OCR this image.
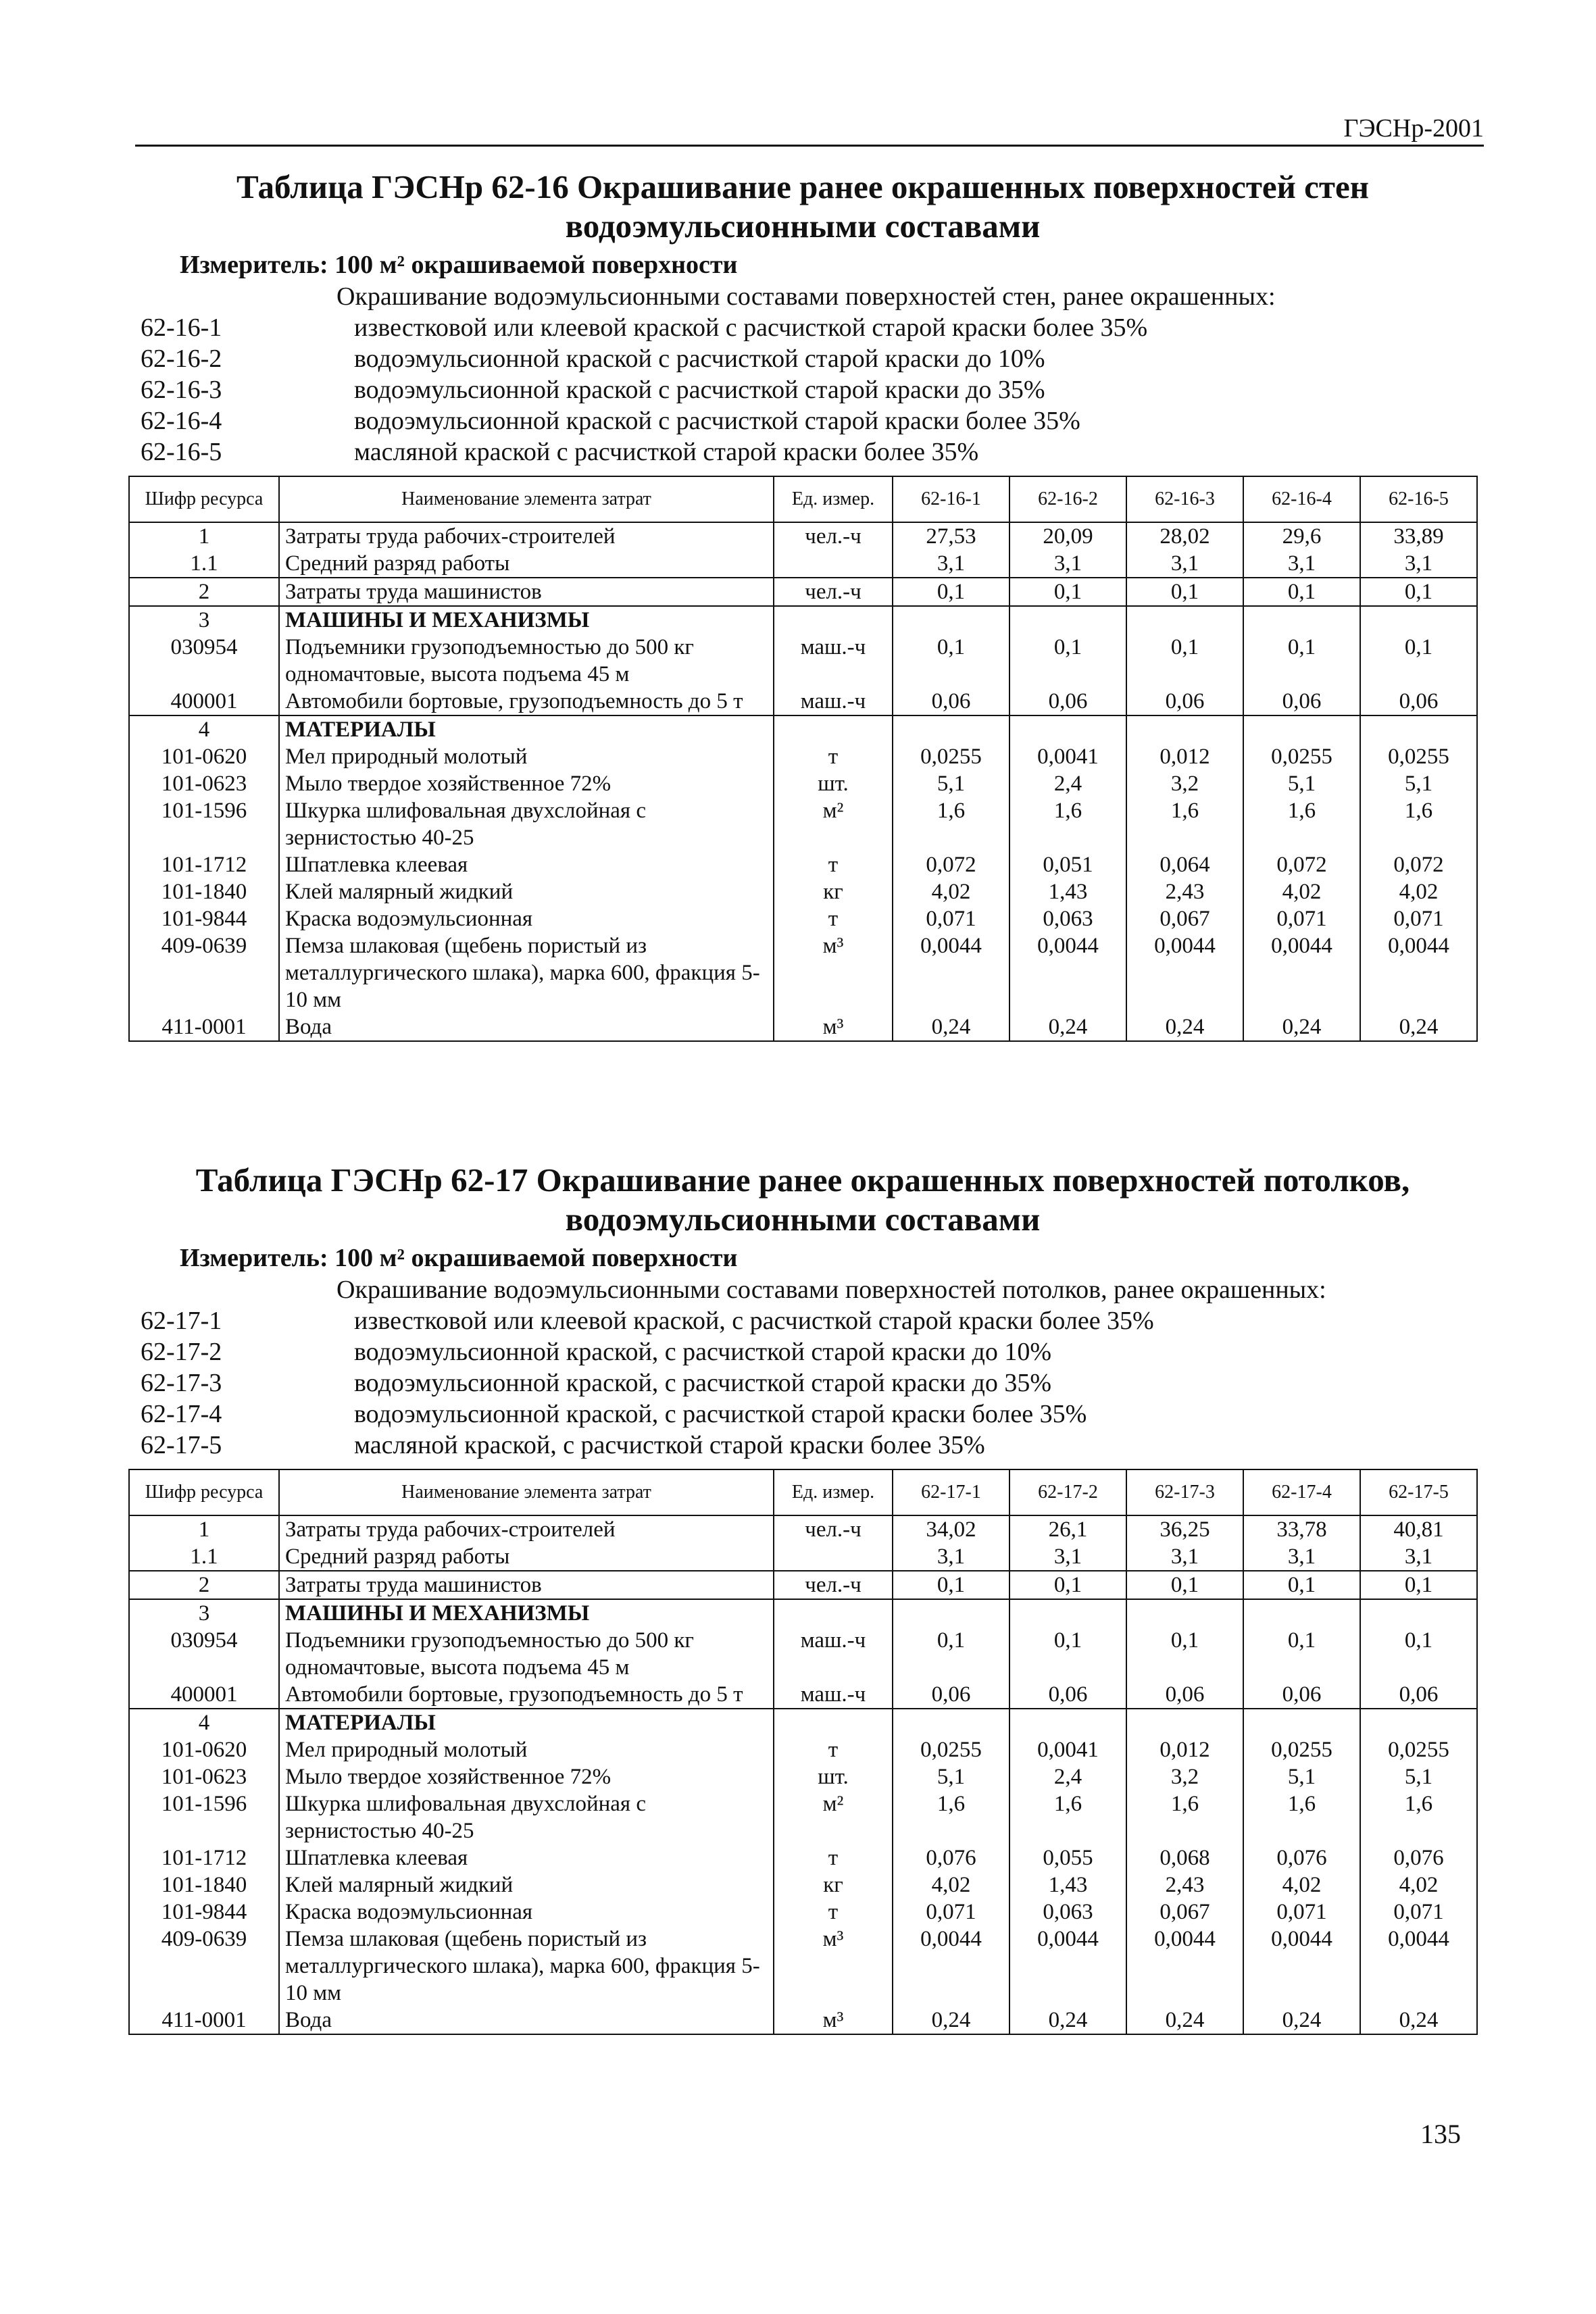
ГЭСНр-2001
Таблица ГЭСНр 62-16 Окрашивание ранее окрашенных поверхностей стен
водоэмульсионными составами
Измеритель: 100 м² окрашиваемой поверхности
Окрашивание водоэмульсионными составами поверхностей стен, ранее окрашенных:
62-16-1	известковой или клеевой краской с расчисткой старой краски более 35%
62-16-2	водоэмульсионной краской с расчисткой старой краски до 10%
62-16-3	водоэмульсионной краской с расчисткой старой краски до 35%
62-16-4	водоэмульсионной краской с расчисткой старой краски более 35%
62-16-5	масляной краской с расчисткой старой краски более 35%
Шифр ресурса	Наименование элемента затрат	Ед. измер.	62-16-1	62-16-2	62-16-3	62-16-4	62-16-5
1	Затраты труда рабочих-строителей	чел.-ч	27,53	20,09	28,02	29,6	33,89
1.1	Средний разряд работы		3,1	3,1	3,1	3,1	3,1
2	Затраты труда машинистов	чел.-ч	0,1	0,1	0,1	0,1	0,1
3	МАШИНЫ И МЕХАНИЗМЫ						
030954	Подъемники грузоподъемностью до 500 кг одномачтовые, высота подъема 45 м	маш.-ч	0,1	0,1	0,1	0,1	0,1
400001	Автомобили бортовые, грузоподъемность до 5 т	маш.-ч	0,06	0,06	0,06	0,06	0,06
4	МАТЕРИАЛЫ						
101-0620	Мел природный молотый	т	0,0255	0,0041	0,012	0,0255	0,0255
101-0623	Мыло твердое хозяйственное 72%	шт.	5,1	2,4	3,2	5,1	5,1
101-1596	Шкурка шлифовальная двухслойная с зернистостью 40-25	м²	1,6	1,6	1,6	1,6	1,6
101-1712	Шпатлевка клеевая	т	0,072	0,051	0,064	0,072	0,072
101-1840	Клей малярный жидкий	кг	4,02	1,43	2,43	4,02	4,02
101-9844	Краска водоэмульсионная	т	0,071	0,063	0,067	0,071	0,071
409-0639	Пемза шлаковая (щебень пористый из металлургического шлака), марка 600, фракция 5-10 мм	м³	0,0044	0,0044	0,0044	0,0044	0,0044
411-0001	Вода	м³	0,24	0,24	0,24	0,24	0,24
Таблица ГЭСНр 62-17 Окрашивание ранее окрашенных поверхностей потолков,
водоэмульсионными составами
Измеритель: 100 м² окрашиваемой поверхности
Окрашивание водоэмульсионными составами поверхностей потолков, ранее окрашенных:
62-17-1	известковой или клеевой краской, с расчисткой старой краски более 35%
62-17-2	водоэмульсионной краской, с расчисткой старой краски до 10%
62-17-3	водоэмульсионной краской, с расчисткой старой краски до 35%
62-17-4	водоэмульсионной краской, с расчисткой старой краски более 35%
62-17-5	масляной краской, с расчисткой старой краски более 35%
Шифр ресурса	Наименование элемента затрат	Ед. измер.	62-17-1	62-17-2	62-17-3	62-17-4	62-17-5
1	Затраты труда рабочих-строителей	чел.-ч	34,02	26,1	36,25	33,78	40,81
1.1	Средний разряд работы		3,1	3,1	3,1	3,1	3,1
2	Затраты труда машинистов	чел.-ч	0,1	0,1	0,1	0,1	0,1
3	МАШИНЫ И МЕХАНИЗМЫ						
030954	Подъемники грузоподъемностью до 500 кг одномачтовые, высота подъема 45 м	маш.-ч	0,1	0,1	0,1	0,1	0,1
400001	Автомобили бортовые, грузоподъемность до 5 т	маш.-ч	0,06	0,06	0,06	0,06	0,06
4	МАТЕРИАЛЫ						
101-0620	Мел природный молотый	т	0,0255	0,0041	0,012	0,0255	0,0255
101-0623	Мыло твердое хозяйственное 72%	шт.	5,1	2,4	3,2	5,1	5,1
101-1596	Шкурка шлифовальная двухслойная с зернистостью 40-25	м²	1,6	1,6	1,6	1,6	1,6
101-1712	Шпатлевка клеевая	т	0,076	0,055	0,068	0,076	0,076
101-1840	Клей малярный жидкий	кг	4,02	1,43	2,43	4,02	4,02
101-9844	Краска водоэмульсионная	т	0,071	0,063	0,067	0,071	0,071
409-0639	Пемза шлаковая (щебень пористый из металлургического шлака), марка 600, фракция 5-10 мм	м³	0,0044	0,0044	0,0044	0,0044	0,0044
411-0001	Вода	м³	0,24	0,24	0,24	0,24	0,24
135
